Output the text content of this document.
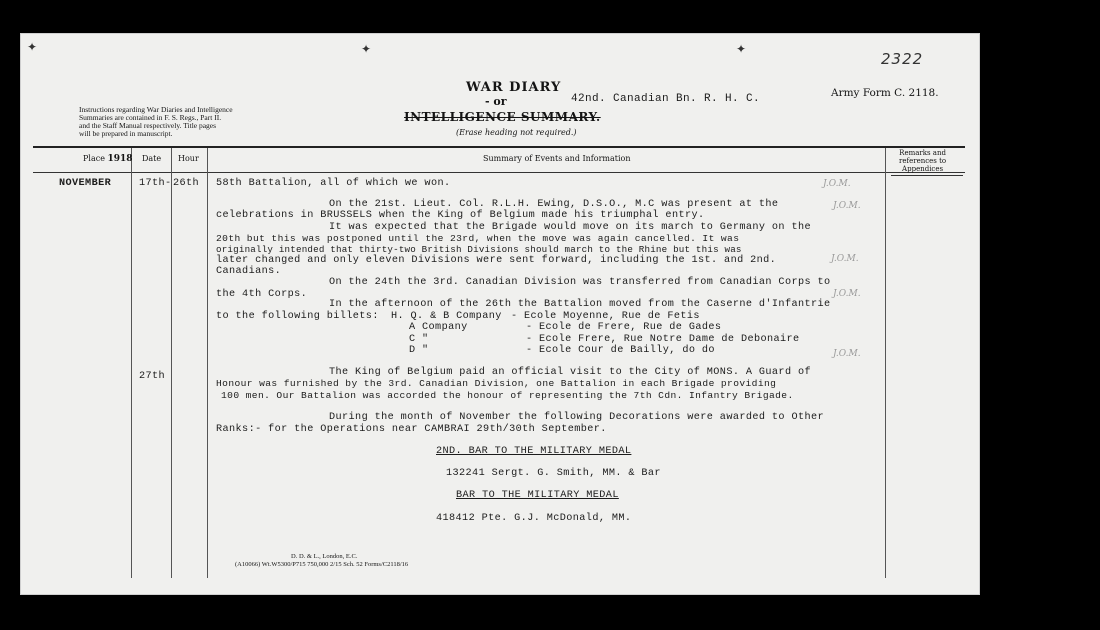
✦	✦	✦
2322
WAR DIARY
- or	42nd. Canadian Bn. R. H. C.
INTELLIGENCE SUMMARY.
(Erase heading not required.)
Army Form C. 2118.
Instructions regarding War Diaries and Intelligence
Summaries are contained in F. S. Regs., Part II.
and the Staff Manual respectively. Title pages
will be prepared in manuscript.
Place 1918 Date Hour	Summary of Events and Information
Remarks and
references to
Appendices
NOVEMBER	17th- 26th
27th
58th Battalion, all of which we won.
On the 21st. Lieut. Col. R.L.H. Ewing, D.S.O., M.C was present at the
celebrations in BRUSSELS when the King of Belgium made his triumphal entry.
It was expected that the Brigade would move on its march to Germany on the
20th but this was postponed until the 23rd, when the move was again cancelled. It was
originally intended that thirty-two British Divisions should march to the Rhine but this was
later changed and only eleven Divisions were sent forward, including the 1st. and 2nd.
Canadians.
On the 24th the 3rd. Canadian Division was transferred from Canadian Corps to
the 4th Corps.
In the afternoon of the 26th the Battalion moved from the Caserne d'Infantrie
to the following billets: H. Q. & B Company - Ecole Moyenne, Rue de Fetis
A Company	- Ecole de Frere, Rue de Gades
C "	- Ecole Frere, Rue Notre Dame de Debonaire
D "	- Ecole Cour de Bailly, do do
The King of Belgium paid an official visit to the City of MONS. A Guard of
Honour was furnished by the 3rd. Canadian Division, one Battalion in each Brigade providing
100 men. Our Battalion was accorded the honour of representing the 7th Cdn. Infantry Brigade.
During the month of November the following Decorations were awarded to Other
Ranks:- for the Operations near CAMBRAI 29th/30th September.
2ND. BAR TO THE MILITARY MEDAL
132241 Sergt. G. Smith, MM. & Bar
BAR TO THE MILITARY MEDAL
418412 Pte. G.J. McDonald, MM.
J.O.M.
J.O.M.
J.O.M.
J.O.M.
J.O.M.
D. D. & L., London, E.C.
(A10066) Wt.W5300/P715 750,000 2/15 Sch. 52 Forms/C2118/16
